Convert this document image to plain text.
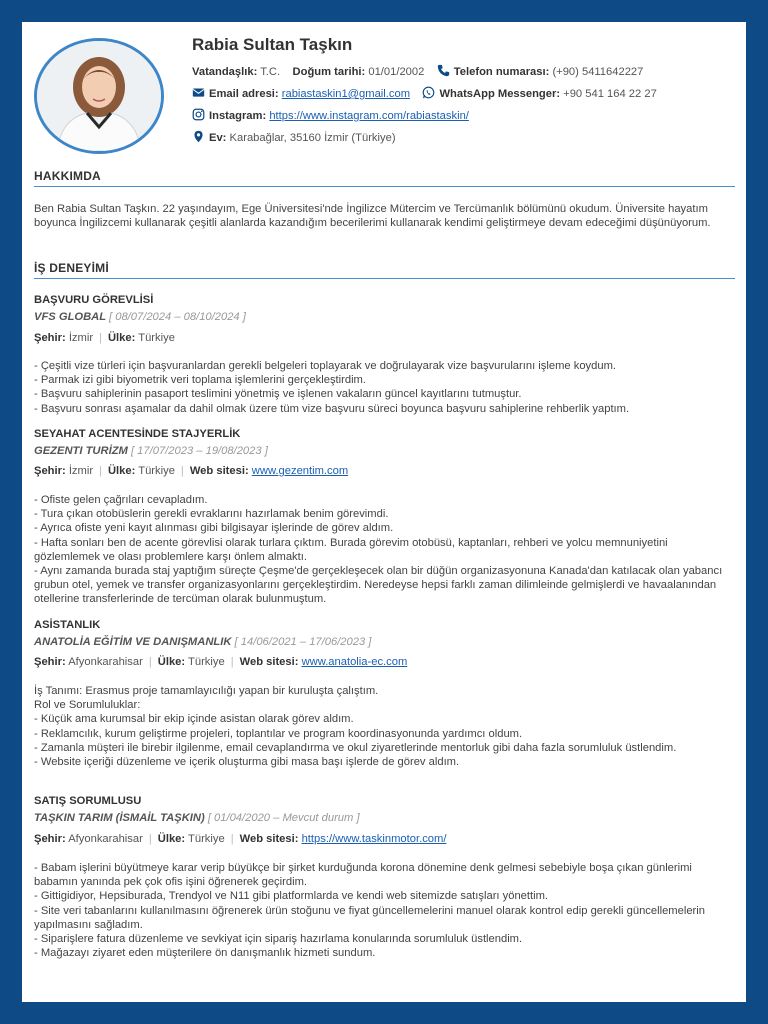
Rabia Sultan Taşkın
Vatandaşlık: T.C. Doğum tarihi: 01/01/2002	Telefon numarası: (+90) 5411642227
Email adresi: rabiastaskin1@gmail.com	WhatsApp Messenger: +90 541 164 22 27
Instagram: https://www.instagram.com/rabiastaskin/
Ev: Karabağlar, 35160 İzmir (Türkiye)
HAKKIMDA
Ben Rabia Sultan Taşkın. 22 yaşındayım, Ege Üniversitesi'nde İngilizce Mütercim ve Tercümanlık bölümünü okudum. Üniversite hayatım boyunca İngilizcemi kullanarak çeşitli alanlarda kazandığım becerilerimi kullanarak kendimi geliştirmeye devam edeceğimi düşünüyorum.
İŞ DENEYİMİ
BAŞVURU GÖREVLİSİ
VFS GLOBAL [ 08/07/2024 – 08/10/2024 ]
Şehir: İzmir | Ülke: Türkiye
- Çeşitli vize türleri için başvuranlardan gerekli belgeleri toplayarak ve doğrulayarak vize başvurularını işleme koydum.
- Parmak izi gibi biyometrik veri toplama işlemlerini gerçekleştirdim.
- Başvuru sahiplerinin pasaport teslimini yönetmiş ve işlenen vakaların güncel kayıtlarını tutmuştur.
- Başvuru sonrası aşamalar da dahil olmak üzere tüm vize başvuru süreci boyunca başvuru sahiplerine rehberlik yaptım.
SEYAHAT ACENTESİNDE STAJYERLİK
GEZENTI TURİZM [ 17/07/2023 – 19/08/2023 ]
Şehir: İzmir | Ülke: Türkiye | Web sitesi: www.gezentim.com
- Ofiste gelen çağrıları cevapladım.
- Tura çıkan otobüslerin gerekli evraklarını hazırlamak benim görevimdi.
- Ayrıca ofiste yeni kayıt alınması gibi bilgisayar işlerinde de görev aldım.
- Hafta sonları ben de acente görevlisi olarak turlara çıktım. Burada görevim otobüsü, kaptanları, rehberi ve yolcu memnuniyetini gözlemlemek ve olası problemlere karşı önlem almaktı.
- Aynı zamanda burada staj yaptığım süreçte Çeşme'de gerçekleşecek olan bir düğün organizasyonuna Kanada'dan katılacak olan yabancı grubun otel, yemek ve transfer organizasyonlarını gerçekleştirdim. Neredeyse hepsi farklı zaman dilimleinde gelmişlerdi ve havaalanından otellerine transferlerinde de tercüman olarak bulunmuştum.
ASİSTANLIK
ANATOLİA EĞİTİM VE DANIŞMANLIK [ 14/06/2021 – 17/06/2023 ]
Şehir: Afyonkarahisar | Ülke: Türkiye | Web sitesi: www.anatolia-ec.com
İş Tanımı: Erasmus proje tamamlayıcılığı yapan bir kuruluşta çalıştım.
Rol ve Sorumluluklar:
- Küçük ama kurumsal bir ekip içinde asistan olarak görev aldım.
- Reklamcılık, kurum geliştirme projeleri, toplantılar ve program koordinasyonunda yardımcı oldum.
- Zamanla müşteri ile birebir ilgilenme, email cevaplandırma ve okul ziyaretlerinde mentorluk gibi daha fazla sorumluluk üstlendim.
- Website içeriği düzenleme ve içerik oluşturma gibi masa başı işlerde de görev aldım.
SATIŞ SORUMLUSU
TAŞKIN TARIM (İSMAİL TAŞKIN) [ 01/04/2020 – Mevcut durum ]
Şehir: Afyonkarahisar | Ülke: Türkiye | Web sitesi: https://www.taskinmotor.com/
- Babam işlerini büyütmeye karar verip büyükçe bir şirket kurduğunda korona dönemine denk gelmesi sebebiyle boşa çıkan günlerimi babamın yanında pek çok ofis işini öğrenerek geçirdim.
- Gittigidiyor, Hepsiburada, Trendyol ve N11 gibi platformlarda ve kendi web sitemizde satışları yönettim.
- Site veri tabanlarını kullanılmasını öğrenerek ürün stoğunu ve fiyat güncellemelerini manuel olarak kontrol edip gerekli güncellemelerin yapılmasını sağladım.
- Siparişlere fatura düzenleme ve sevkiyat için sipariş hazırlama konularında sorumluluk üstlendim.
- Mağazayı ziyaret eden müşterilere ön danışmanlık hizmeti sundum.
